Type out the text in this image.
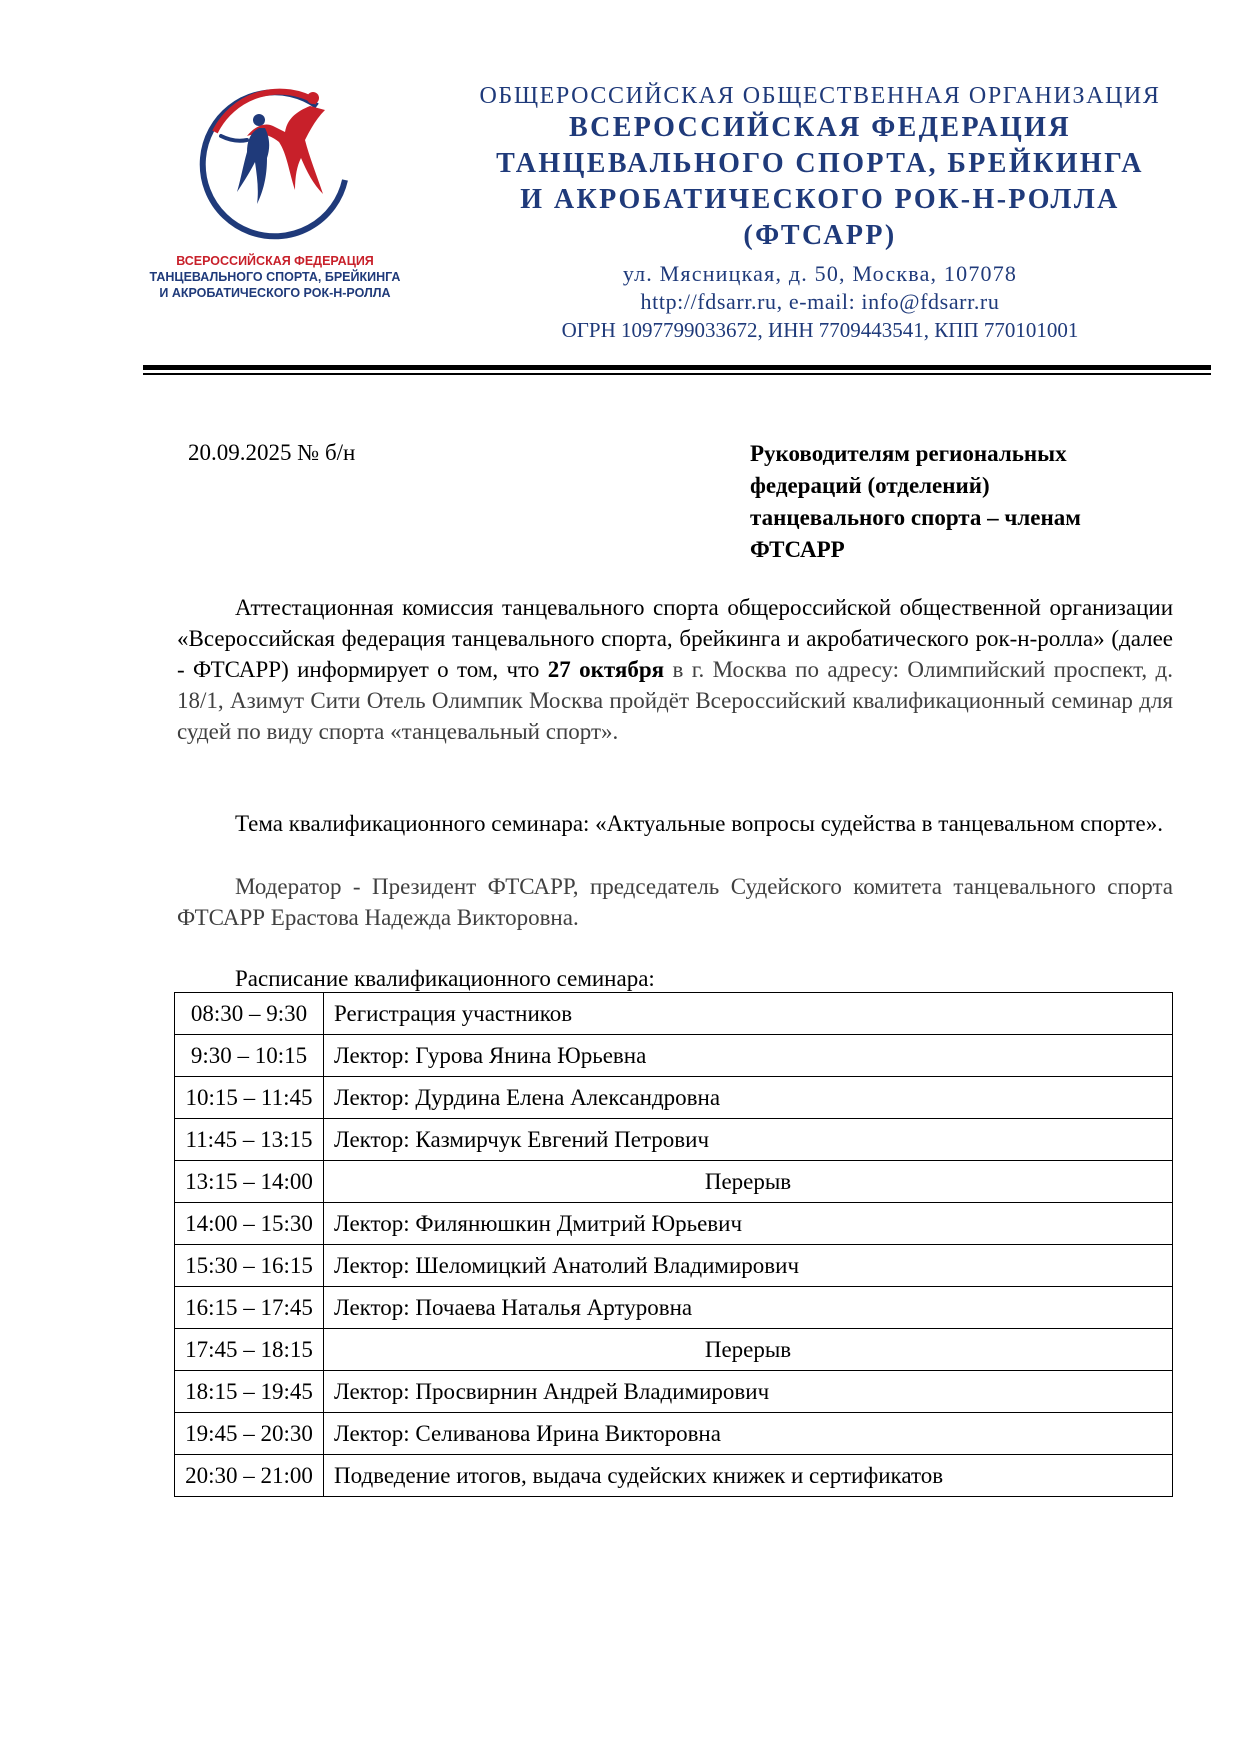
ВСЕРОССИЙСКАЯ ФЕДЕРАЦИЯ
ТАНЦЕВАЛЬНОГО СПОРТА, БРЕЙКИНГА
И АКРОБАТИЧЕСКОГО РОК-Н-РОЛЛА
ОБЩЕРОССИЙСКАЯ ОБЩЕСТВЕННАЯ ОРГАНИЗАЦИЯ
ВСЕРОССИЙСКАЯ ФЕДЕРАЦИЯ
ТАНЦЕВАЛЬНОГО СПОРТА, БРЕЙКИНГА
И АКРОБАТИЧЕСКОГО РОК-Н-РОЛЛА
(ФТСАРР)
ул. Мясницкая, д. 50, Москва, 107078
http://fdsarr.ru, e-mail: info@fdsarr.ru
ОГРН 1097799033672, ИНН 7709443541, КПП 770101001
20.09.2025 № б/н	Руководителям региональных
федераций (отделений)
танцевального спорта – членам
ФТСАРР
Аттестационная комиссия танцевального спорта общероссийской общественной организации «Всероссийская федерация танцевального спорта, брейкинга и акробатического рок-н-ролла» (далее - ФТСАРР) информирует о том, что 27 октября в г. Москва по адресу: Олимпийский проспект, д. 18/1, Азимут Сити Отель Олимпик Москва пройдёт Всероссийский квалификационный семинар для судей по виду спорта «танцевальный спорт».
Тема квалификационного семинара: «Актуальные вопросы судейства в танцевальном спорте».
Модератор - Президент ФТСАРР, председатель Судейского комитета танцевального спорта ФТСАРР Ерастова Надежда Викторовна.
Расписание квалификационного семинара:
08:30 – 9:30	Регистрация участников
9:30 – 10:15	Лектор: Гурова Янина Юрьевна
10:15 – 11:45	Лектор: Дурдина Елена Александровна
11:45 – 13:15	Лектор: Казмирчук Евгений Петрович
13:15 – 14:00	Перерыв
14:00 – 15:30	Лектор: Филянюшкин Дмитрий Юрьевич
15:30 – 16:15	Лектор: Шеломицкий Анатолий Владимирович
16:15 – 17:45	Лектор: Почаева Наталья Артуровна
17:45 – 18:15	Перерыв
18:15 – 19:45	Лектор: Просвирнин Андрей Владимирович
19:45 – 20:30	Лектор: Селиванова Ирина Викторовна
20:30 – 21:00	Подведение итогов, выдача судейских книжек и сертификатов
